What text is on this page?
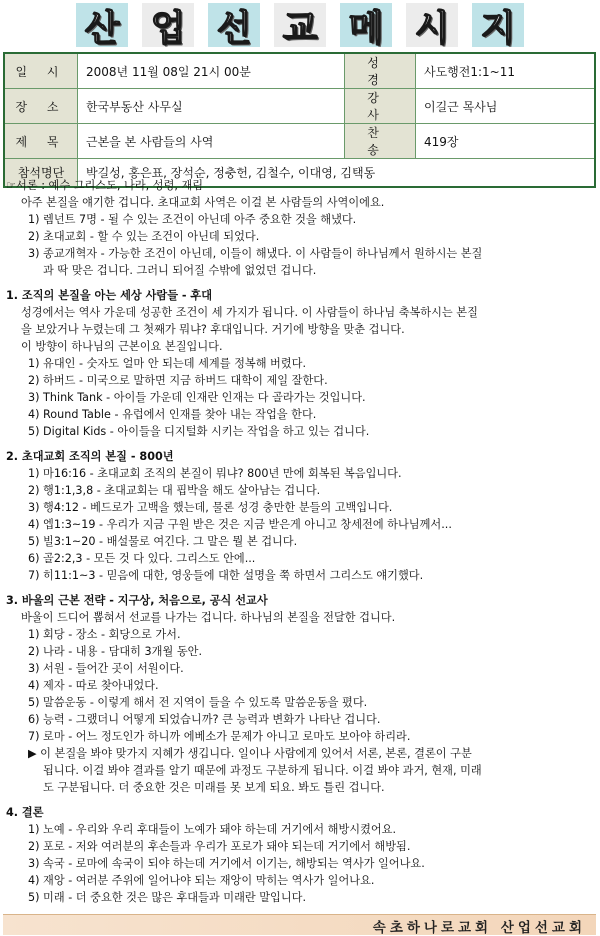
산 업 선 교 메 시 지
일 시	2008년 11월 08일 21시 00분	성 경	사도행전1:1~11
장 소	한국부동산 사무실	강 사	이길근 목사님
제 목	근본을 본 사람들의 사역	찬 송	419장
참석명단	박길성, 홍은표, 장석순, 정충헌, 김철수, 이대영, 김택동		
☞서론 : 예수 그리스도, 나라, 성령, 재림
아주 본질을 얘기한 겁니다. 초대교회 사역은 이걸 본 사람들의 사역이에요.
1) 렘넌트 7명 - 될 수 있는 조건이 아닌데 아주 중요한 것을 해냈다.
2) 초대교회 - 할 수 있는 조건이 아닌데 되었다.
3) 종교개혁자 - 가능한 조건이 아닌데, 이들이 해냈다. 이 사람들이 하나님께서 원하시는 본질
과 딱 맞은 겁니다. 그러니 되어질 수밖에 없었던 겁니다.
1. 조직의 본질을 아는 세상 사람들 - 후대
성경에서는 역사 가운데 성공한 조건이 세 가지가 됩니다. 이 사람들이 하나님 축복하시는 본질
을 보았거나 누렸는데 그 첫째가 뭐냐? 후대입니다. 거기에 방향을 맞춘 겁니다.
이 방향이 하나님의 근본이요 본질입니다.
1) 유대인 - 숫자도 얼마 안 되는데 세계를 정복해 버렸다.
2) 하버드 - 미국으로 말하면 지금 하버드 대학이 제일 잘한다.
3) Think Tank - 아이들 가운데 인재란 인재는 다 골라가는 것입니다.
4) Round Table - 유럽에서 인재를 찾아 내는 작업을 한다.
5) Digital Kids - 아이들을 디지털화 시키는 작업을 하고 있는 겁니다.
2. 초대교회 조직의 본질 - 800년
1) 마16:16 - 초대교회 조직의 본질이 뭐냐? 800년 만에 회복된 복음입니다.
2) 행1:1,3,8 - 초대교회는 대 핍박을 해도 살아남는 겁니다.
3) 행4:12 - 베드로가 고백을 했는데, 물론 성경 충만한 분들의 고백입니다.
4) 엡1:3~19 - 우리가 지금 구원 받은 것은 지금 받은게 아니고 창세전에 하나님께서...
5) 빌3:1~20 - 배설물로 여긴다. 그 말은 뭘 본 겁니다.
6) 골2:2,3 - 모든 것 다 있다. 그리스도 안에...
7) 히11:1~3 - 믿음에 대한, 영웅들에 대한 설명을 쭉 하면서 그리스도 얘기했다.
3. 바울의 근본 전략 - 지구상, 처음으로, 공식 선교사
바울이 드디어 뽑혀서 선교를 나가는 겁니다. 하나님의 본질을 전달한 겁니다.
1) 회당 - 장소 - 회당으로 가서.
2) 나라 - 내용 - 담대히 3개월 동안.
3) 서원 - 들어간 곳이 서원이다.
4) 제자 - 따로 찾아내었다.
5) 말씀운동 - 이렇게 해서 전 지역이 들을 수 있도록 말씀운동을 폈다.
6) 능력 - 그랬더니 어떻게 되었습니까? 큰 능력과 변화가 나타난 겁니다.
7) 로마 - 어느 정도인가 하니까 에베소가 문제가 아니고 로마도 보아야 하리라.
▶ 이 본질을 봐야 맞가지 지혜가 생깁니다. 일이나 사람에게 있어서 서론, 본론, 결론이 구분
됩니다. 이걸 봐야 결과를 알기 때문에 과정도 구분하게 됩니다. 이걸 봐야 과거, 현재, 미래
도 구분됩니다. 더 중요한 것은 미래를 못 보게 되요. 봐도 틀린 겁니다.
4. 결론
1) 노예 - 우리와 우리 후대들이 노예가 돼야 하는데 거기에서 해방시켰어요.
2) 포로 - 저와 여러분의 후손들과 우리가 포로가 돼야 되는데 거기에서 해방됨.
3) 속국 - 로마에 속국이 되야 하는데 거기에서 이기는, 해방되는 역사가 일어나요.
4) 재앙 - 여러분 주위에 일어나야 되는 재앙이 막히는 역사가 일어나요.
5) 미래 - 더 중요한 것은 많은 후대들과 미래란 말입니다.
속초하나로교회 산업선교회
